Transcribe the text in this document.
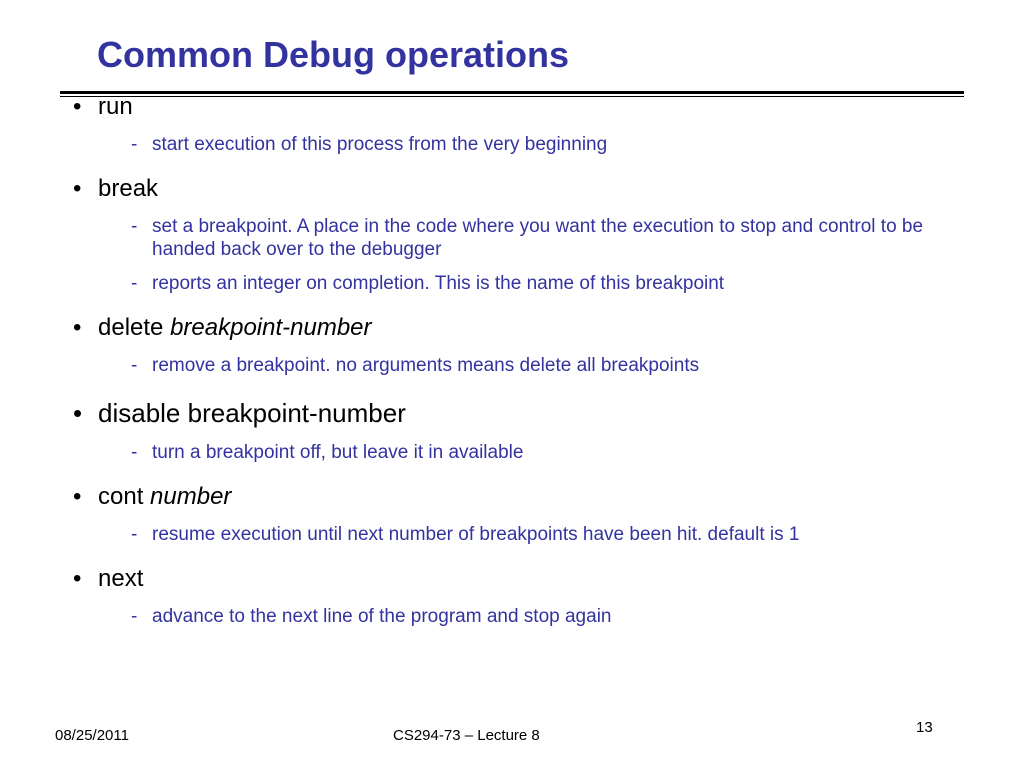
Common Debug operations
• run
- start execution of this process from the very beginning
• break
- set a breakpoint. A place in the code where you want the execution to stop and control to be handed back over to the debugger
- reports an integer on completion. This is the name of this breakpoint
• delete breakpoint-number
- remove a breakpoint. no arguments means delete all breakpoints
• disable breakpoint-number
- turn a breakpoint off, but leave it in available
• cont number
- resume execution until next number of breakpoints have been hit. default is 1
• next
- advance to the next line of the program and stop again
08/25/2011	CS294-73 – Lecture 8	13
